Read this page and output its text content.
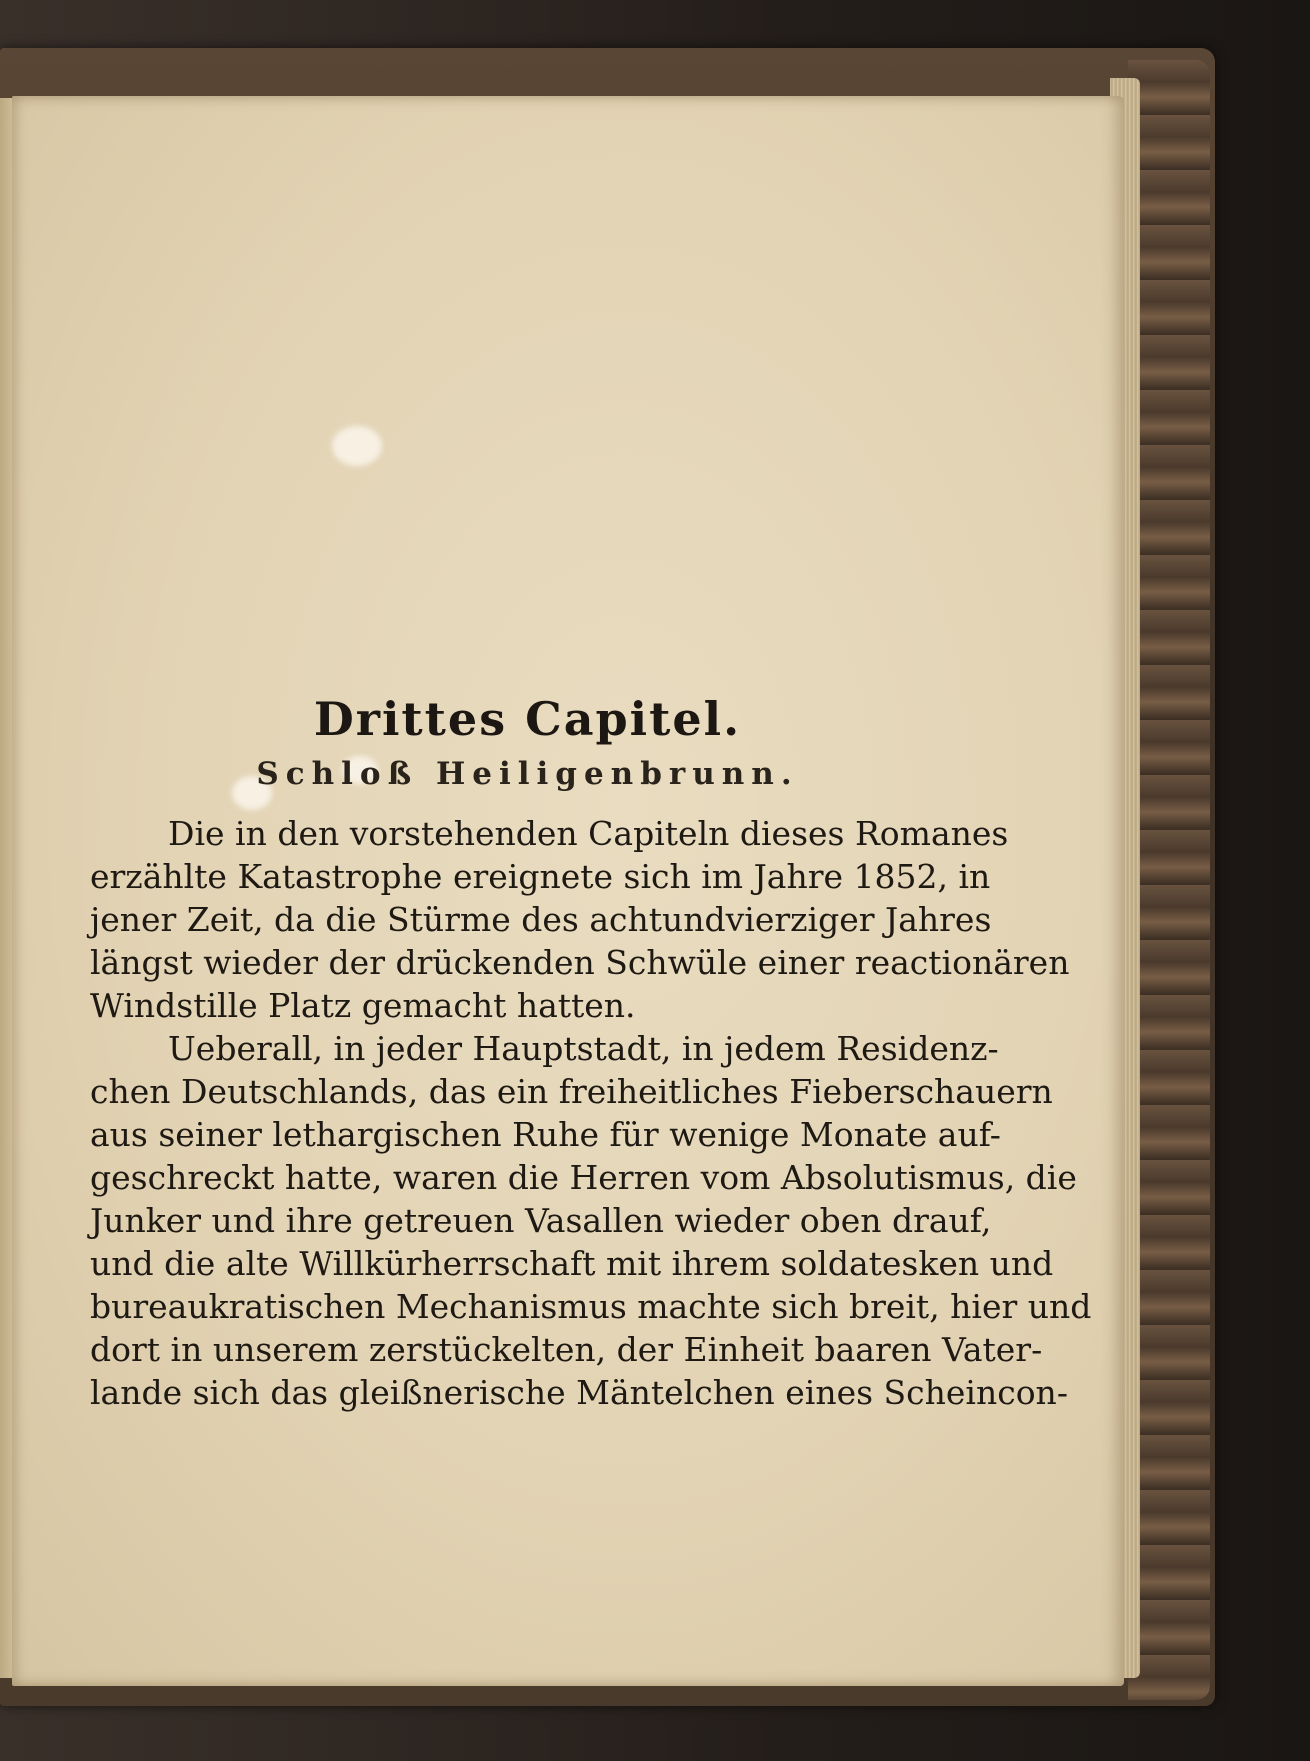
Drittes Capitel.
Schloß Heiligenbrunn.
Die in den vorstehenden Capiteln dieses Romanes
erzählte Katastrophe ereignete sich im Jahre 1852, in
jener Zeit, da die Stürme des achtundvierziger Jahres
längst wieder der drückenden Schwüle einer reactionären
Windstille Platz gemacht hatten.
Ueberall, in jeder Hauptstadt, in jedem Residenz-
chen Deutschlands, das ein freiheitliches Fieberschauern
aus seiner lethargischen Ruhe für wenige Monate auf-
geschreckt hatte, waren die Herren vom Absolutismus, die
Junker und ihre getreuen Vasallen wieder oben drauf,
und die alte Willkürherrschaft mit ihrem soldatesken und
bureaukratischen Mechanismus machte sich breit, hier und
dort in unserem zerstückelten, der Einheit baaren Vater-
lande sich das gleißnerische Mäntelchen eines Scheincon-
